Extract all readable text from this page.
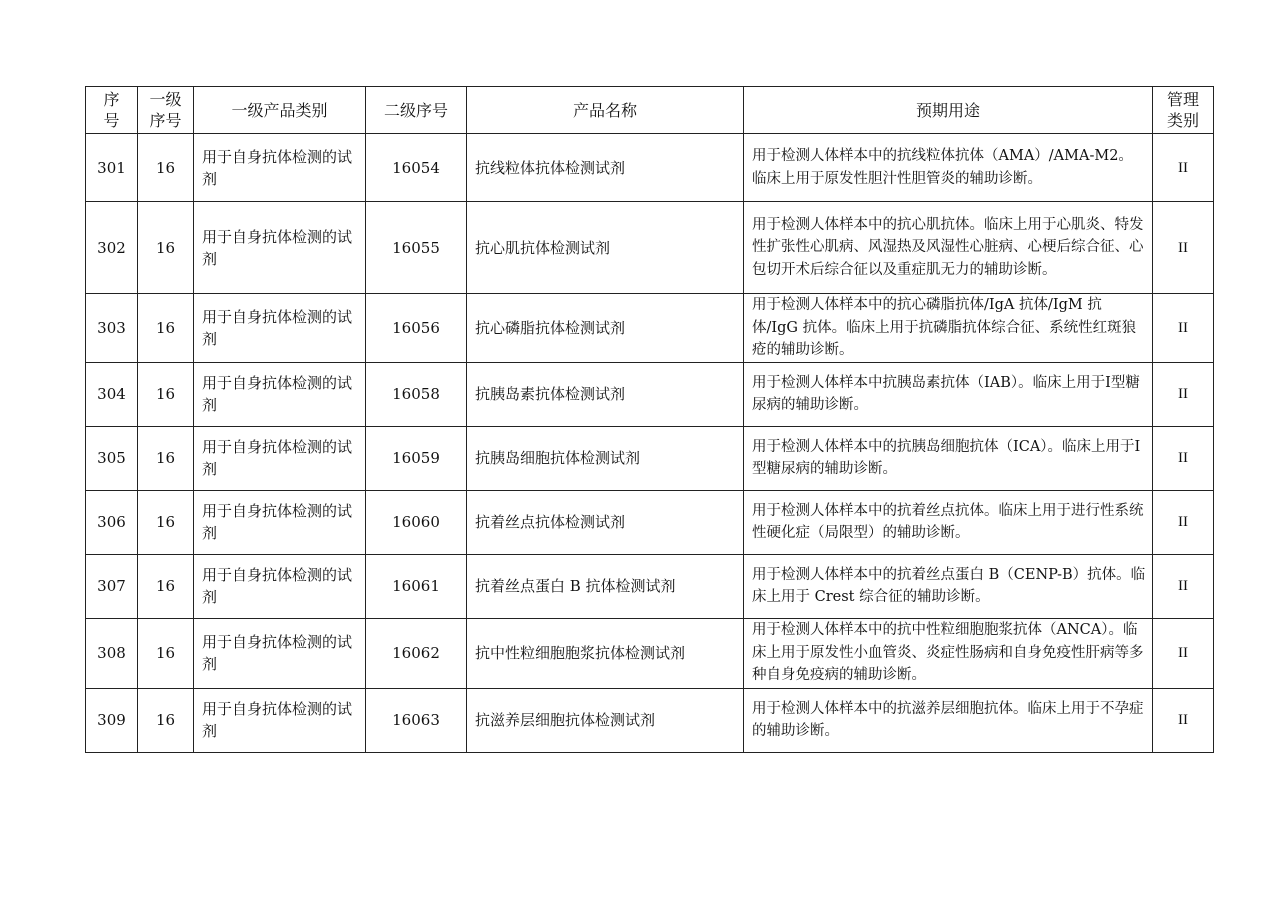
序号	一级序号	一级产品类别	二级序号	产品名称	预期用途	管理类别

301	16	用于自身抗体检测的试剂	16054	抗线粒体抗体检测试剂	用于检测人体样本中的抗线粒体抗体（AMA）/AMA-M2。临床上用于原发性胆汁性胆管炎的辅助诊断。	II
302	16	用于自身抗体检测的试剂	16055	抗心肌抗体检测试剂	用于检测人体样本中的抗心肌抗体。临床上用于心肌炎、特发性扩张性心肌病、风湿热及风湿性心脏病、心梗后综合征、心包切开术后综合征以及重症肌无力的辅助诊断。	II
303	16	用于自身抗体检测的试剂	16056	抗心磷脂抗体检测试剂	用于检测人体样本中的抗心磷脂抗体/IgA 抗体/IgM 抗体/IgG 抗体。临床上用于抗磷脂抗体综合征、系统性红斑狼疮的辅助诊断。	II
304	16	用于自身抗体检测的试剂	16058	抗胰岛素抗体检测试剂	用于检测人体样本中抗胰岛素抗体（IAB）。临床上用于I型糖尿病的辅助诊断。	II
305	16	用于自身抗体检测的试剂	16059	抗胰岛细胞抗体检测试剂	用于检测人体样本中的抗胰岛细胞抗体（ICA）。临床上用于I型糖尿病的辅助诊断。	II
306	16	用于自身抗体检测的试剂	16060	抗着丝点抗体检测试剂	用于检测人体样本中的抗着丝点抗体。临床上用于进行性系统性硬化症（局限型）的辅助诊断。	II
307	16	用于自身抗体检测的试剂	16061	抗着丝点蛋白 B 抗体检测试剂	用于检测人体样本中的抗着丝点蛋白 B（CENP-B）抗体。临床上用于 Crest 综合征的辅助诊断。	II
308	16	用于自身抗体检测的试剂	16062	抗中性粒细胞胞浆抗体检测试剂	用于检测人体样本中的抗中性粒细胞胞浆抗体（ANCA）。临床上用于原发性小血管炎、炎症性肠病和自身免疫性肝病等多种自身免疫病的辅助诊断。	II
309	16	用于自身抗体检测的试剂	16063	抗滋养层细胞抗体检测试剂	用于检测人体样本中的抗滋养层细胞抗体。临床上用于不孕症的辅助诊断。	II
